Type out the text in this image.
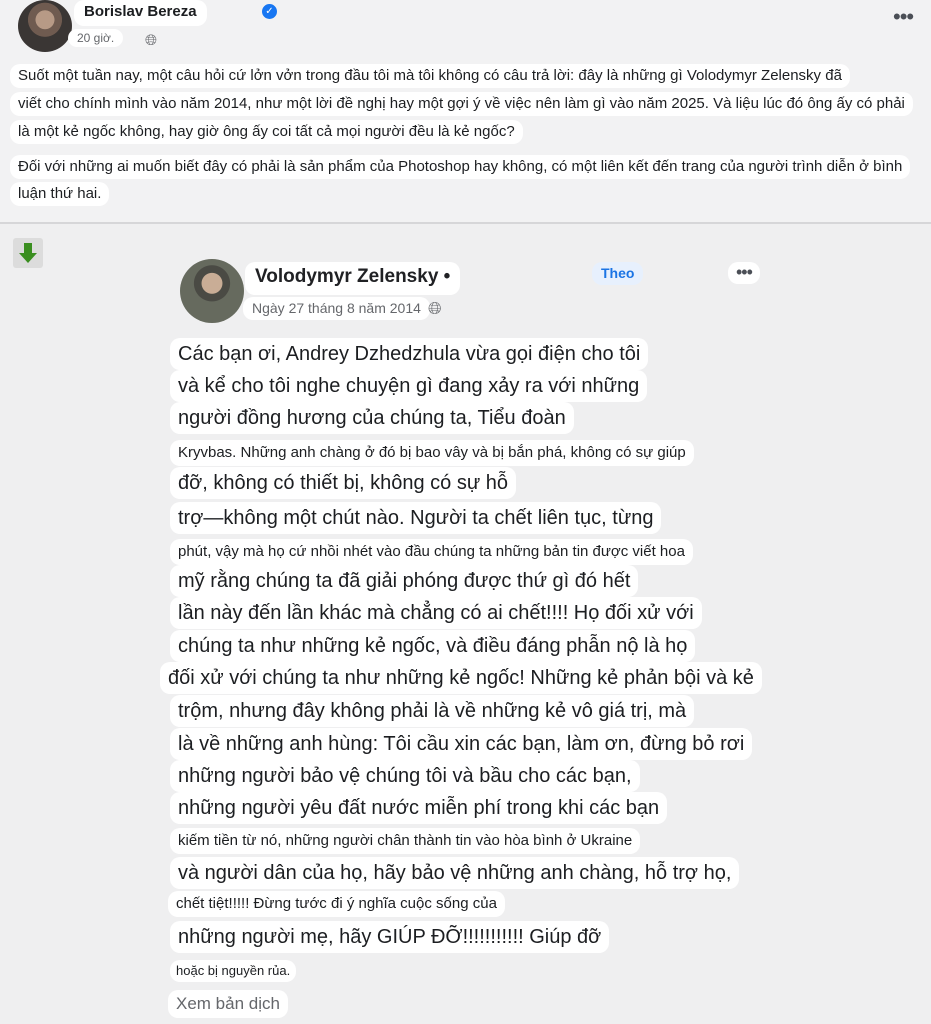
Borislav Bereza	✓
20 giờ.	🌐︎
•••
Suốt một tuần nay, một câu hỏi cứ lởn vởn trong đầu tôi mà tôi không có câu trả lời: đây là những gì Volodymyr Zelensky đã
viết cho chính mình vào năm 2014, như một lời đề nghị hay một gợi ý về việc nên làm gì vào năm 2025. Và liệu lúc đó ông ấy có phải
là một kẻ ngốc không, hay giờ ông ấy coi tất cả mọi người đều là kẻ ngốc?
Đối với những ai muốn biết đây có phải là sản phẩm của Photoshop hay không, có một liên kết đến trang của người trình diễn ở bình
luận thứ hai.
Volodymyr Zelensky •	Theo	•••
Ngày 27 tháng 8 năm 2014 🌐︎
Các bạn ơi, Andrey Dzhedzhula vừa gọi điện cho tôi
và kể cho tôi nghe chuyện gì đang xảy ra với những
người đồng hương của chúng ta, Tiểu đoàn
Kryvbas. Những anh chàng ở đó bị bao vây và bị bắn phá, không có sự giúp
đỡ, không có thiết bị, không có sự hỗ
trợ—không một chút nào. Người ta chết liên tục, từng
phút, vậy mà họ cứ nhồi nhét vào đầu chúng ta những bản tin được viết hoa
mỹ rằng chúng ta đã giải phóng được thứ gì đó hết
lần này đến lần khác mà chẳng có ai chết!!!! Họ đối xử với
chúng ta như những kẻ ngốc, và điều đáng phẫn nộ là họ
đối xử với chúng ta như những kẻ ngốc! Những kẻ phản bội và kẻ
trộm, nhưng đây không phải là về những kẻ vô giá trị, mà
là về những anh hùng: Tôi cầu xin các bạn, làm ơn, đừng bỏ rơi
những người bảo vệ chúng tôi và bầu cho các bạn,
những người yêu đất nước miễn phí trong khi các bạn
kiếm tiền từ nó, những người chân thành tin vào hòa bình ở Ukraine
và người dân của họ, hãy bảo vệ những anh chàng, hỗ trợ họ,
chết tiệt!!!!! Đừng tước đi ý nghĩa cuộc sống của
những người mẹ, hãy GIÚP ĐỠ!!!!!!!!!!! Giúp đỡ
hoặc bị nguyền rủa.
Xem bản dịch
